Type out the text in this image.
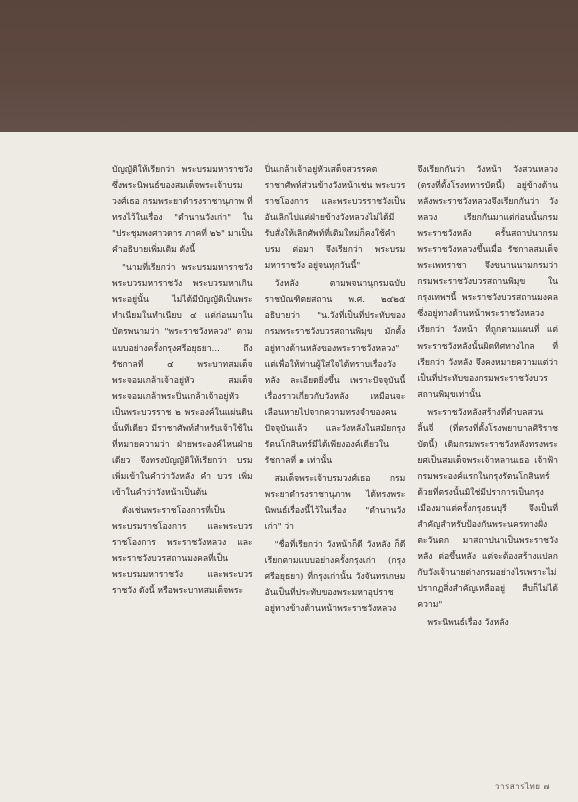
บัญญัติให้เรียกว่า พระบรมมหาราชวัง ซึ่งพระนิพนธ์ของสมเด็จพระเจ้าบรมวงศ์เธอ กรมพระยาดำรงราชานุภาพ ที่ทรงไว้ในเรื่อง "ตำนานวังเก่า" ใน "ประชุมพงศาวดาร ภาคที่ ๒๖" มาเป็นคำอธิบายเพิ่มเติม ดังนี้

"นามที่เรียกว่า พระบรมมหาราชวัง พระบวรมหาราชวัง พระบวรมหาเกินพระอยู่นั้น ไม่ได้มีบัญญัติเป็นพระทำเนียมในทำเนียบ ๔ แต่ก่อนมาในบัดรพนามว่า "พระราชวังหลวง" ตามแบบอย่างครั้งกรุงศรีอยุธยา... ถึงรัชกาลที่ ๔ พระบาทสมเด็จพระจอมเกล้าเจ้าอยู่หัว สมเด็จพระจอมเกล้าพระปิ่นเกล้าเจ้าอยู่หัว เป็นพระบวรราช ๒ พระองค์ในแผ่นดินนั้นทีเดียว มีราชาศัพท์สำหรับเจ้าใช้ในที่หมายความว่า ฝ่ายพระองค์ไหนฝ่ายเดียว จึงทรงบัญญัติให้เรียกว่า บรม เพิ่มเข้าในคำว่าวังหลัง คำ บวร เพิ่มเข้าในคำว่าวังหน้าเป็นต้น

ดังเช่นพระราชโองการที่เป็นพระบรมราชโองการ และพระบวรราชโองการ พระราชวังหลวง และพระราชวังบวรสถานมงคลที่เป็น พระบรมมหาราชวัง และพระบวรราชวัง ดังนี้ หรือพระบาทสมเด็จพระ

ปิ่นเกล้าเจ้าอยู่หัวเสด็จสวรรคต ราชาศัพท์ส่วนข้างวังหน้าเช่น พระบวรราชโองการ และพระบวรราชวังเป็นอันเลิกไปแต่ฝ่ายข้างวังหลวงไม่ได้มีรับสั่งให้เลิกศัพท์ที่เติมใหม่ก็คงใช้คำ บรม ต่อมา จึงเรียกว่า พระบรมมหาราชวัง อยู่จนทุกวันนี้"

วังหลัง ตามพจนานุกรมฉบับราชบัณฑิตยสถาน พ.ศ. ๒๔๒๕ อธิบายว่า "น.วังที่เป็นที่ประทับของกรมพระราชวังบวรสถานพิมุข มักตั้งอยู่ทางด้านหลังของพระราชวังหลวง" แต่เพื่อให้ท่านผู้ใส่ใจได้ทราบเรื่องวังหลัง ละเอียดยิ่งขึ้น เพราะปัจจุบันนี้เรื่องราวเกี่ยวกับวังหลัง เหมือนจะเลือนหายไปจากความทรงจำของคนปัจจุบันแล้ว และวังหลังในสมัยกรุงรัตนโกสินทร์มีได้เพียงองค์เดียวในรัชกาลที่ ๑ เท่านั้น

สมเด็จพระเจ้าบรมวงศ์เธอ กรมพระยาดำรงราชานุภาพ ได้ทรงพระนิพนธ์เรื่องนี้ไว้ในเรื่อง "ตำนานวังเก่า" ว่า

"ชื่อที่เรียกว่า วังหน้าก็ดี วังหลัง ก็ดี เรียกตามแบบอย่างครั้งกรุงเก่า (กรุงศรีอยุธยา) ที่กรุงเก่านั้น วังจันทรเกษมอันเป็นที่ประทับของพระมหาอุปราช อยู่ทางข้างด้านหน้าพระราชวังหลวง

จึงเรียกกันว่า วังหน้า วังสวนหลวง (ตรงที่ตั้งโรงทหารบัดนี้) อยู่ข้างด้านหลังพระราชวังหลวงจึงเรียกกันว่า วังหลวง เรียกกันมาแต่ก่อนนั้นกรมพระราชวังหลัง ครั้นสถาปนากรมพระราชวังหลวงขึ้นเมื่อ รัชกาลสมเด็จพระเพทราชา จึงขนานนามกรมว่า กรมพระราชวังบวรสถานพิมุข ในกรุงเทพฯนี้ พระราชวังบวรสถานมงคลซึ่งอยู่ทางด้านหน้าพระราชวังหลวง เรียกว่า วังหน้า ที่ถูกตามแผนที่ แต่พระราชวังหลังนั้นผิดทิศทางไกล ที่เรียกว่า วังหลัง จึงคงหมายความแต่ว่าเป็นที่ประทับของกรมพระราชวังบวรสถานพิมุขเท่านั้น

พระราชวังหลังสร้างที่ตำบลสวนลิ้นจี่ (ที่ตรงที่ตั้งโรงพยาบาลศิริราชบัดนี้) เดิมกรมพระราชวังหลังทรงพระยศเป็นสมเด็จพระเจ้าหลานเธอ เจ้าฟ้ากรมพระองค์แรกในกรุงรัตนโกสินทร์ ด้วยที่ตรงนั้นมิใช่มีปราการเป็นกรุงเมืองมาแต่ครั้งกรุงธนบุรี จึงเป็นที่สำคัญสำหรับป้องกันพระนครทางฝั่งตะวันตก มาสถาปนาเป็นพระราชวังหลัง ต่อขึ้นหลัง แต่จะต้องสร้างแปลกกับวังเจ้านายต่างกรมอย่างไรเพราะไม่ปรากฏสิ่งสำคัญเหลืออยู่ สืบก็ไม่ได้ความ"

พระนิพนธ์เรื่อง วังหลัง

วารสารไทย ๗
